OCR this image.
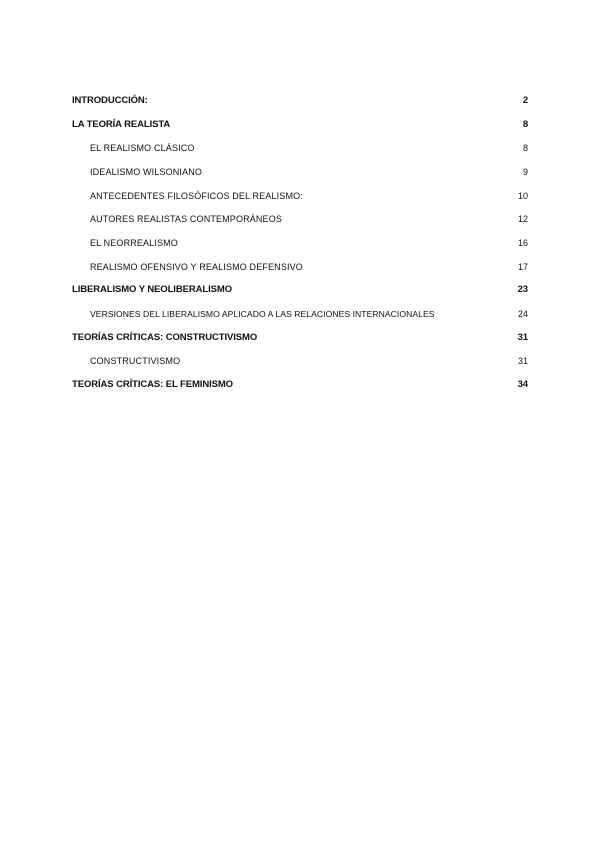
INTRODUCCIÓN:	2
LA TEORÍA REALISTA	8
EL REALISMO CLÁSICO	8
IDEALISMO WILSONIANO	9
ANTECEDENTES FILOSÓFICOS DEL REALISMO:	10
AUTORES REALISTAS CONTEMPORÁNEOS	12
EL NEORREALISMO	16
REALISMO OFENSIVO Y REALISMO DEFENSIVO	17
LIBERALISMO Y NEOLIBERALISMO	23
VERSIONES DEL LIBERALISMO APLICADO A LAS RELACIONES INTERNACIONALES	24
TEORÍAS CRÍTICAS: CONSTRUCTIVISMO	31
CONSTRUCTIVISMO	31
TEORÍAS CRÍTICAS: EL FEMINISMO	34
